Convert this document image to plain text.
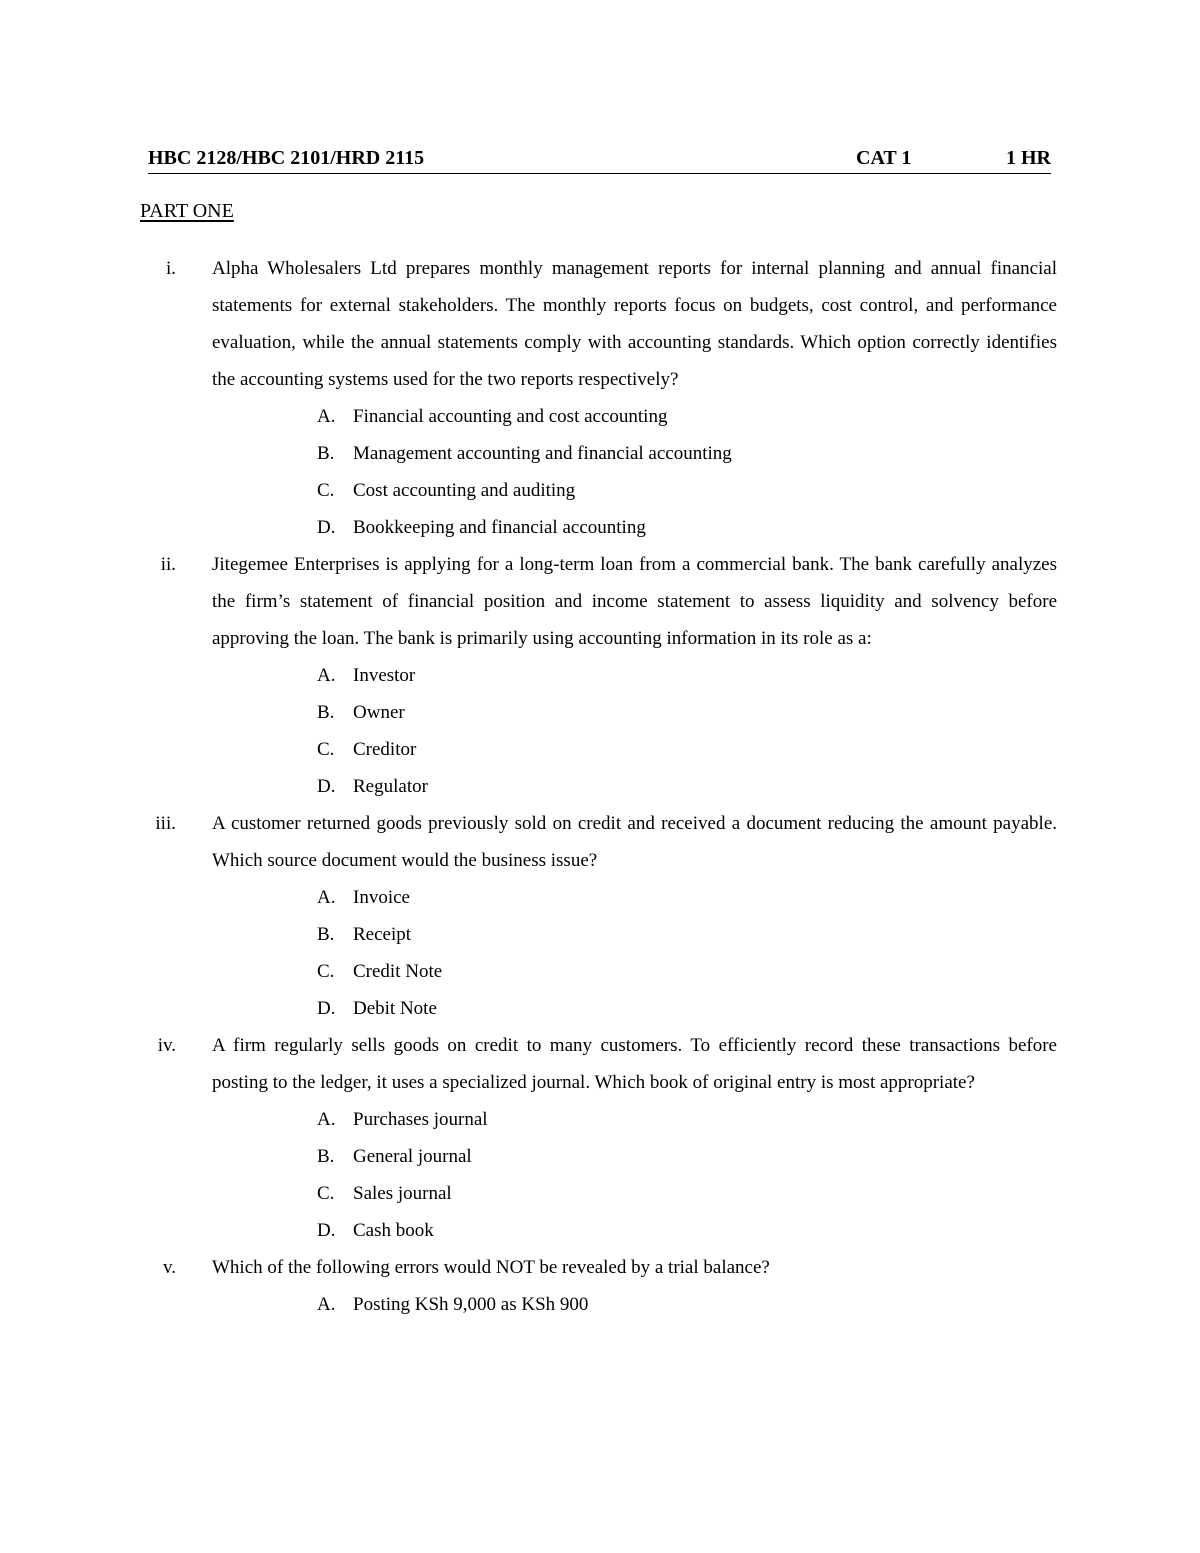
HBC 2128/HBC 2101/HRD 2115	CAT 1	1 HR
PART ONE
i. Alpha Wholesalers Ltd prepares monthly management reports for internal planning and annual financial statements for external stakeholders. The monthly reports focus on budgets, cost control, and performance evaluation, while the annual statements comply with accounting standards. Which option correctly identifies the accounting systems used for the two reports respectively?

A. Financial accounting and cost accounting
B. Management accounting and financial accounting
C. Cost accounting and auditing
D. Bookkeeping and financial accounting
ii. Jitegemee Enterprises is applying for a long-term loan from a commercial bank. The bank carefully analyzes the firm’s statement of financial position and income statement to assess liquidity and solvency before approving the loan. The bank is primarily using accounting information in its role as a:

A. Investor
B. Owner
C. Creditor
D. Regulator
iii. A customer returned goods previously sold on credit and received a document reducing the amount payable. Which source document would the business issue?

A. Invoice
B. Receipt
C. Credit Note
D. Debit Note
iv. A firm regularly sells goods on credit to many customers. To efficiently record these transactions before posting to the ledger, it uses a specialized journal. Which book of original entry is most appropriate?

A. Purchases journal
B. General journal
C. Sales journal
D. Cash book
v. Which of the following errors would NOT be revealed by a trial balance?

A. Posting KSh 9,000 as KSh 900
